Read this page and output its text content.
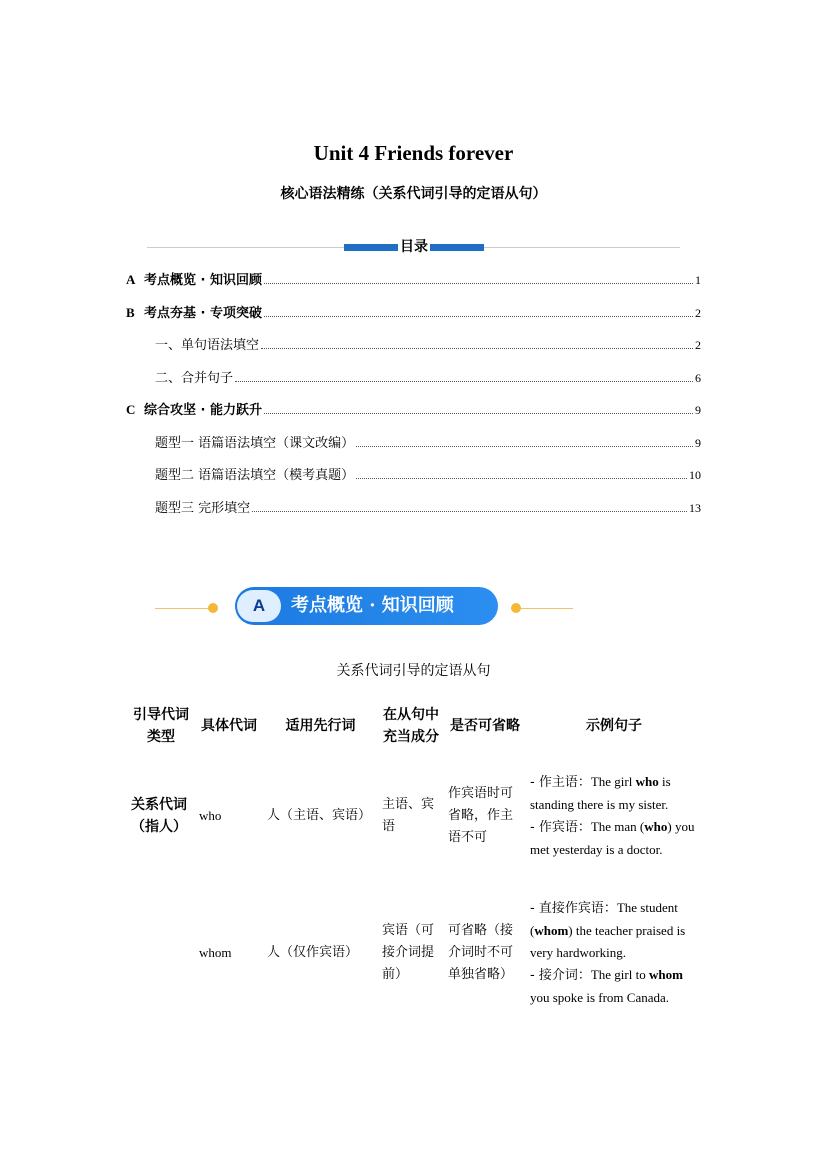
Unit 4 Friends forever
核心语法精练（关系代词引导的定语从句）
目录
A 考点概览 · 知识回顾	1
B 考点夯基 · 专项突破	2
一、单句语法填空	2
二、合并句子	6
C 综合攻坚 · 能力跃升	9
题型一 语篇语法填空（课文改编）	9
题型二 语篇语法填空（模考真题）	10
题型三 完形填空	13
A	考点概览 · 知识回顾
关系代词引导的定语从句
引导代词类型	具体代词	适用先行词	在从句中充当成分	是否可省略	示例句子
关系代词（指人）	who	人（主语、宾语）	主语、宾语	作宾语时可省略，作主语不可	- 作主语：The girl who is standing there is my sister.
- 作宾语：The man (who) you met yesterday is a doctor.
	whom	人（仅作宾语）	宾语（可接介词提前）	可省略（接介词时不可单独省略）	- 直接作宾语：The student (whom) the teacher praised is very hardworking.
- 接介词：The girl to whom you spoke is from Canada.
